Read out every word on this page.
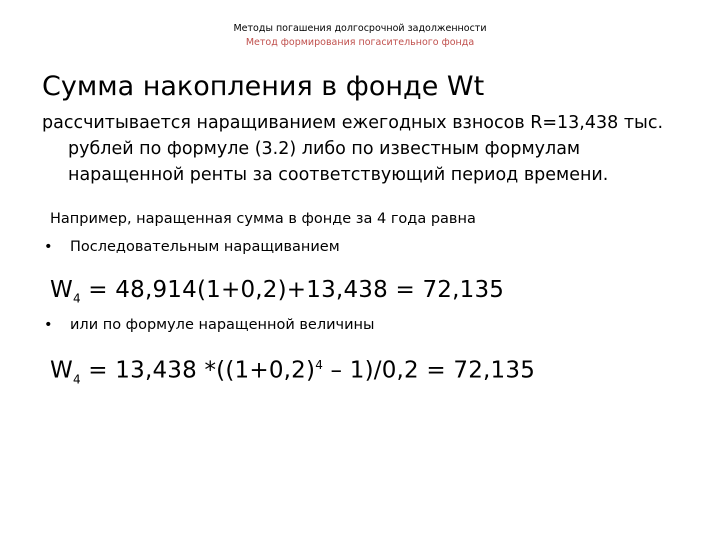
Методы погашения долгосрочной задолженности
Метод формирования погасительного фонда
Сумма накопления в фонде Wt
рассчитывается наращиванием ежегодных взносов R=13,438 тыс.
рублей по формуле (3.2) либо по известным формулам
наращенной ренты за соответствующий период времени.
Например, наращенная сумма в фонде за 4 года равна
• Последовательным наращиванием
$W_4 = 48,914(1+0,2)+13,438 = 72,135$
• или по формуле наращенной величины
$W_4 = 13,438$ $*((1+0,2)^4 - 1)/0,2 = 72,135$
